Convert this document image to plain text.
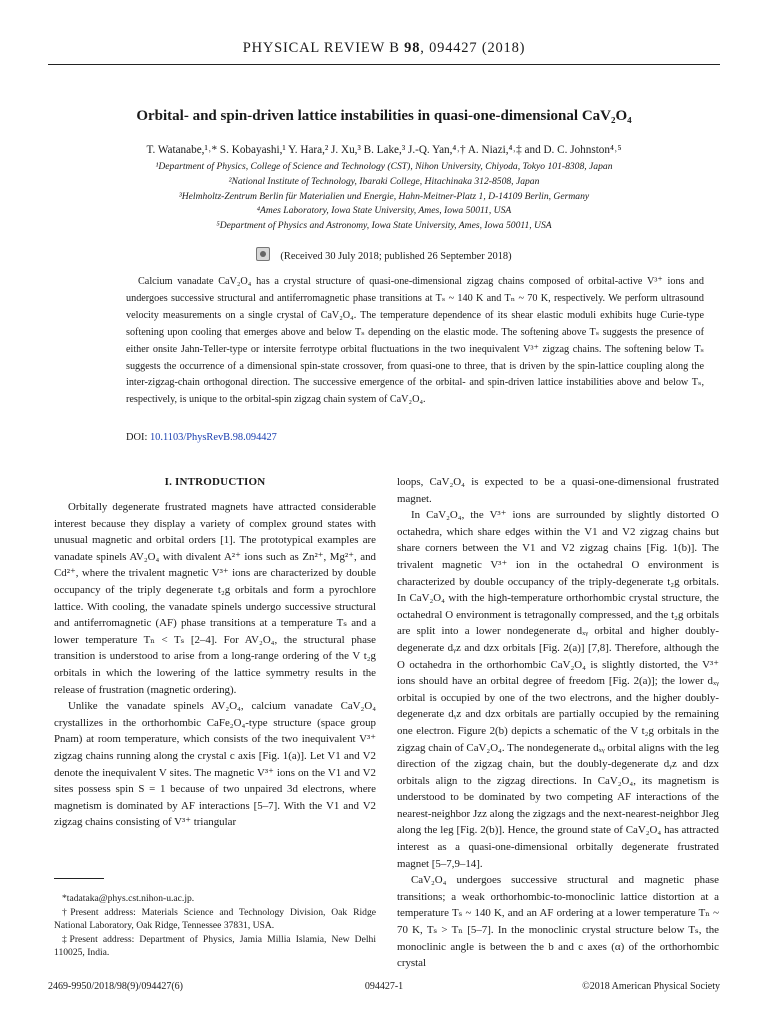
PHYSICAL REVIEW B 98, 094427 (2018)
Orbital- and spin-driven lattice instabilities in quasi-one-dimensional CaV₂O₄
T. Watanabe,¹˒* S. Kobayashi,¹ Y. Hara,² J. Xu,³ B. Lake,³ J.-Q. Yan,⁴˒† A. Niazi,⁴˒‡ and D. C. Johnston⁴˒⁵
¹Department of Physics, College of Science and Technology (CST), Nihon University, Chiyoda, Tokyo 101-8308, Japan
²National Institute of Technology, Ibaraki College, Hitachinaka 312-8508, Japan
³Helmholtz-Zentrum Berlin für Materialien und Energie, Hahn-Meitner-Platz 1, D-14109 Berlin, Germany
⁴Ames Laboratory, Iowa State University, Ames, Iowa 50011, USA
⁵Department of Physics and Astronomy, Iowa State University, Ames, Iowa 50011, USA
(Received 30 July 2018; published 26 September 2018)

Calcium vanadate CaV₂O₄ has a crystal structure of quasi-one-dimensional zigzag chains composed of orbital-active V³⁺ ions and undergoes successive structural and antiferromagnetic phase transitions at Tₛ ~ 140 K and Tₙ ~ 70 K, respectively. We perform ultrasound velocity measurements on a single crystal of CaV₂O₄. The temperature dependence of its shear elastic moduli exhibits huge Curie-type softening upon cooling that emerges above and below Tₛ depending on the elastic mode. The softening above Tₛ suggests the presence of either onsite Jahn-Teller-type or intersite ferrotype orbital fluctuations in the two inequivalent V³⁺ zigzag chains. The softening below Tₛ suggests the occurrence of a dimensional spin-state crossover, from quasi-one to three, that is driven by the spin-lattice coupling along the inter-zigzag-chain orthogonal direction. The successive emergence of the orbital- and spin-driven lattice instabilities above and below Tₛ, respectively, is unique to the orbital-spin zigzag chain system of CaV₂O₄.

DOI: 10.1103/PhysRevB.98.094427
I. INTRODUCTION

Orbitally degenerate frustrated magnets have attracted considerable interest because they display a variety of complex ground states with unusual magnetic and orbital orders [1]. The prototypical examples are vanadate spinels AV₂O₄ with divalent A²⁺ ions such as Zn²⁺, Mg²⁺, and Cd²⁺, where the trivalent magnetic V³⁺ ions are characterized by double occupancy of the triply degenerate t₂g orbitals and form a pyrochlore lattice. With cooling, the vanadate spinels undergo successive structural and antiferromagnetic (AF) phase transitions at a temperature Tₛ and a lower temperature Tₙ < Tₛ [2–4]. For AV₂O₄, the structural phase transition is understood to arise from a long-range ordering of the V t₂g orbitals in which the lowering of the lattice symmetry results in the release of frustration (magnetic ordering).

Unlike the vanadate spinels AV₂O₄, calcium vanadate CaV₂O₄ crystallizes in the orthorhombic CaFe₂O₄-type structure (space group Pnam) at room temperature, which consists of the two inequivalent V³⁺ zigzag chains running along the crystal c axis [Fig. 1(a)]. Let V1 and V2 denote the inequivalent V sites. The magnetic V³⁺ ions on the V1 and V2 sites possess spin S = 1 because of two unpaired 3d electrons, where magnetism is dominated by AF interactions [5–7]. With the V1 and V2 zigzag chains consisting of V³⁺ triangular

loops, CaV₂O₄ is expected to be a quasi-one-dimensional frustrated magnet.

In CaV₂O₄, the V³⁺ ions are surrounded by slightly distorted O octahedra, which share edges within the V1 and V2 zigzag chains but share corners between the V1 and V2 zigzag chains [Fig. 1(b)]. The trivalent magnetic V³⁺ ion in the octahedral O environment is characterized by double occupancy of the triply-degenerate t₂g orbitals. In CaV₂O₄ with the high-temperature orthorhombic crystal structure, the octahedral O environment is tetragonally compressed, and the t₂g orbitals are split into a lower nondegenerate dₓᵧ orbital and higher doubly-degenerate dᵧz and dzx orbitals [Fig. 2(a)] [7,8]. Therefore, although the O octahedra in the orthorhombic CaV₂O₄ is slightly distorted, the V³⁺ ions should have an orbital degree of freedom [Fig. 2(a)]; the lower dₓᵧ orbital is occupied by one of the two electrons, and the higher doubly-degenerate dᵧz and dzx orbitals are partially occupied by the remaining one electron. Figure 2(b) depicts a schematic of the V t₂g orbitals in the zigzag chain of CaV₂O₄. The nondegenerate dₓᵧ orbital aligns with the leg direction of the zigzag chain, but the doubly-degenerate dᵧz and dzx orbitals align to the zigzag directions. In CaV₂O₄, its magnetism is understood to be dominated by two competing AF interactions of the nearest-neighbor Jzz along the zigzags and the next-nearest-neighbor Jleg along the leg [Fig. 2(b)]. Hence, the ground state of CaV₂O₄ has attracted interest as a quasi-one-dimensional orbitally degenerate frustrated magnet [5–7,9–14].

CaV₂O₄ undergoes successive structural and magnetic phase transitions; a weak orthorhombic-to-monoclinic lattice distortion at a temperature Tₛ ~ 140 K, and an AF ordering at a lower temperature Tₙ ~ 70 K, Tₛ > Tₙ [5–7]. In the monoclinic crystal structure below Tₛ, the monoclinic angle is between the b and c axes (α) of the orthorhombic crystal

*tadataka@phys.cst.nihon-u.ac.jp.

†Present address: Materials Science and Technology Division, Oak Ridge National Laboratory, Oak Ridge, Tennessee 37831, USA.

‡Present address: Department of Physics, Jamia Millia Islamia, New Delhi 110025, India.

2469-9950/2018/98(9)/094427(6)	094427-1	©2018 American Physical Society
